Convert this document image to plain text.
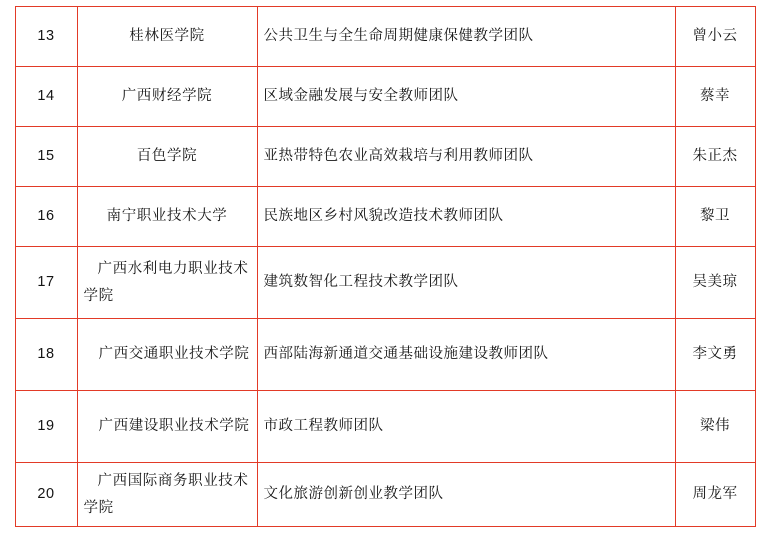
13	桂林医学院	公共卫生与全生命周期健康保健教学团队	曾小云
14	广西财经学院	区域金融发展与安全教师团队	蔡幸
15	百色学院	亚热带特色农业高效栽培与利用教师团队	朱正杰
16	南宁职业技术大学	民族地区乡村风貌改造技术教师团队	黎卫
17	广西水利电力职业技术学院	建筑数智化工程技术教学团队	吴美琼
18	广西交通职业技术学院	西部陆海新通道交通基础设施建设教师团队	李文勇
19	广西建设职业技术学院	市政工程教师团队	梁伟
20	广西国际商务职业技术学院	文化旅游创新创业教学团队	周龙军
